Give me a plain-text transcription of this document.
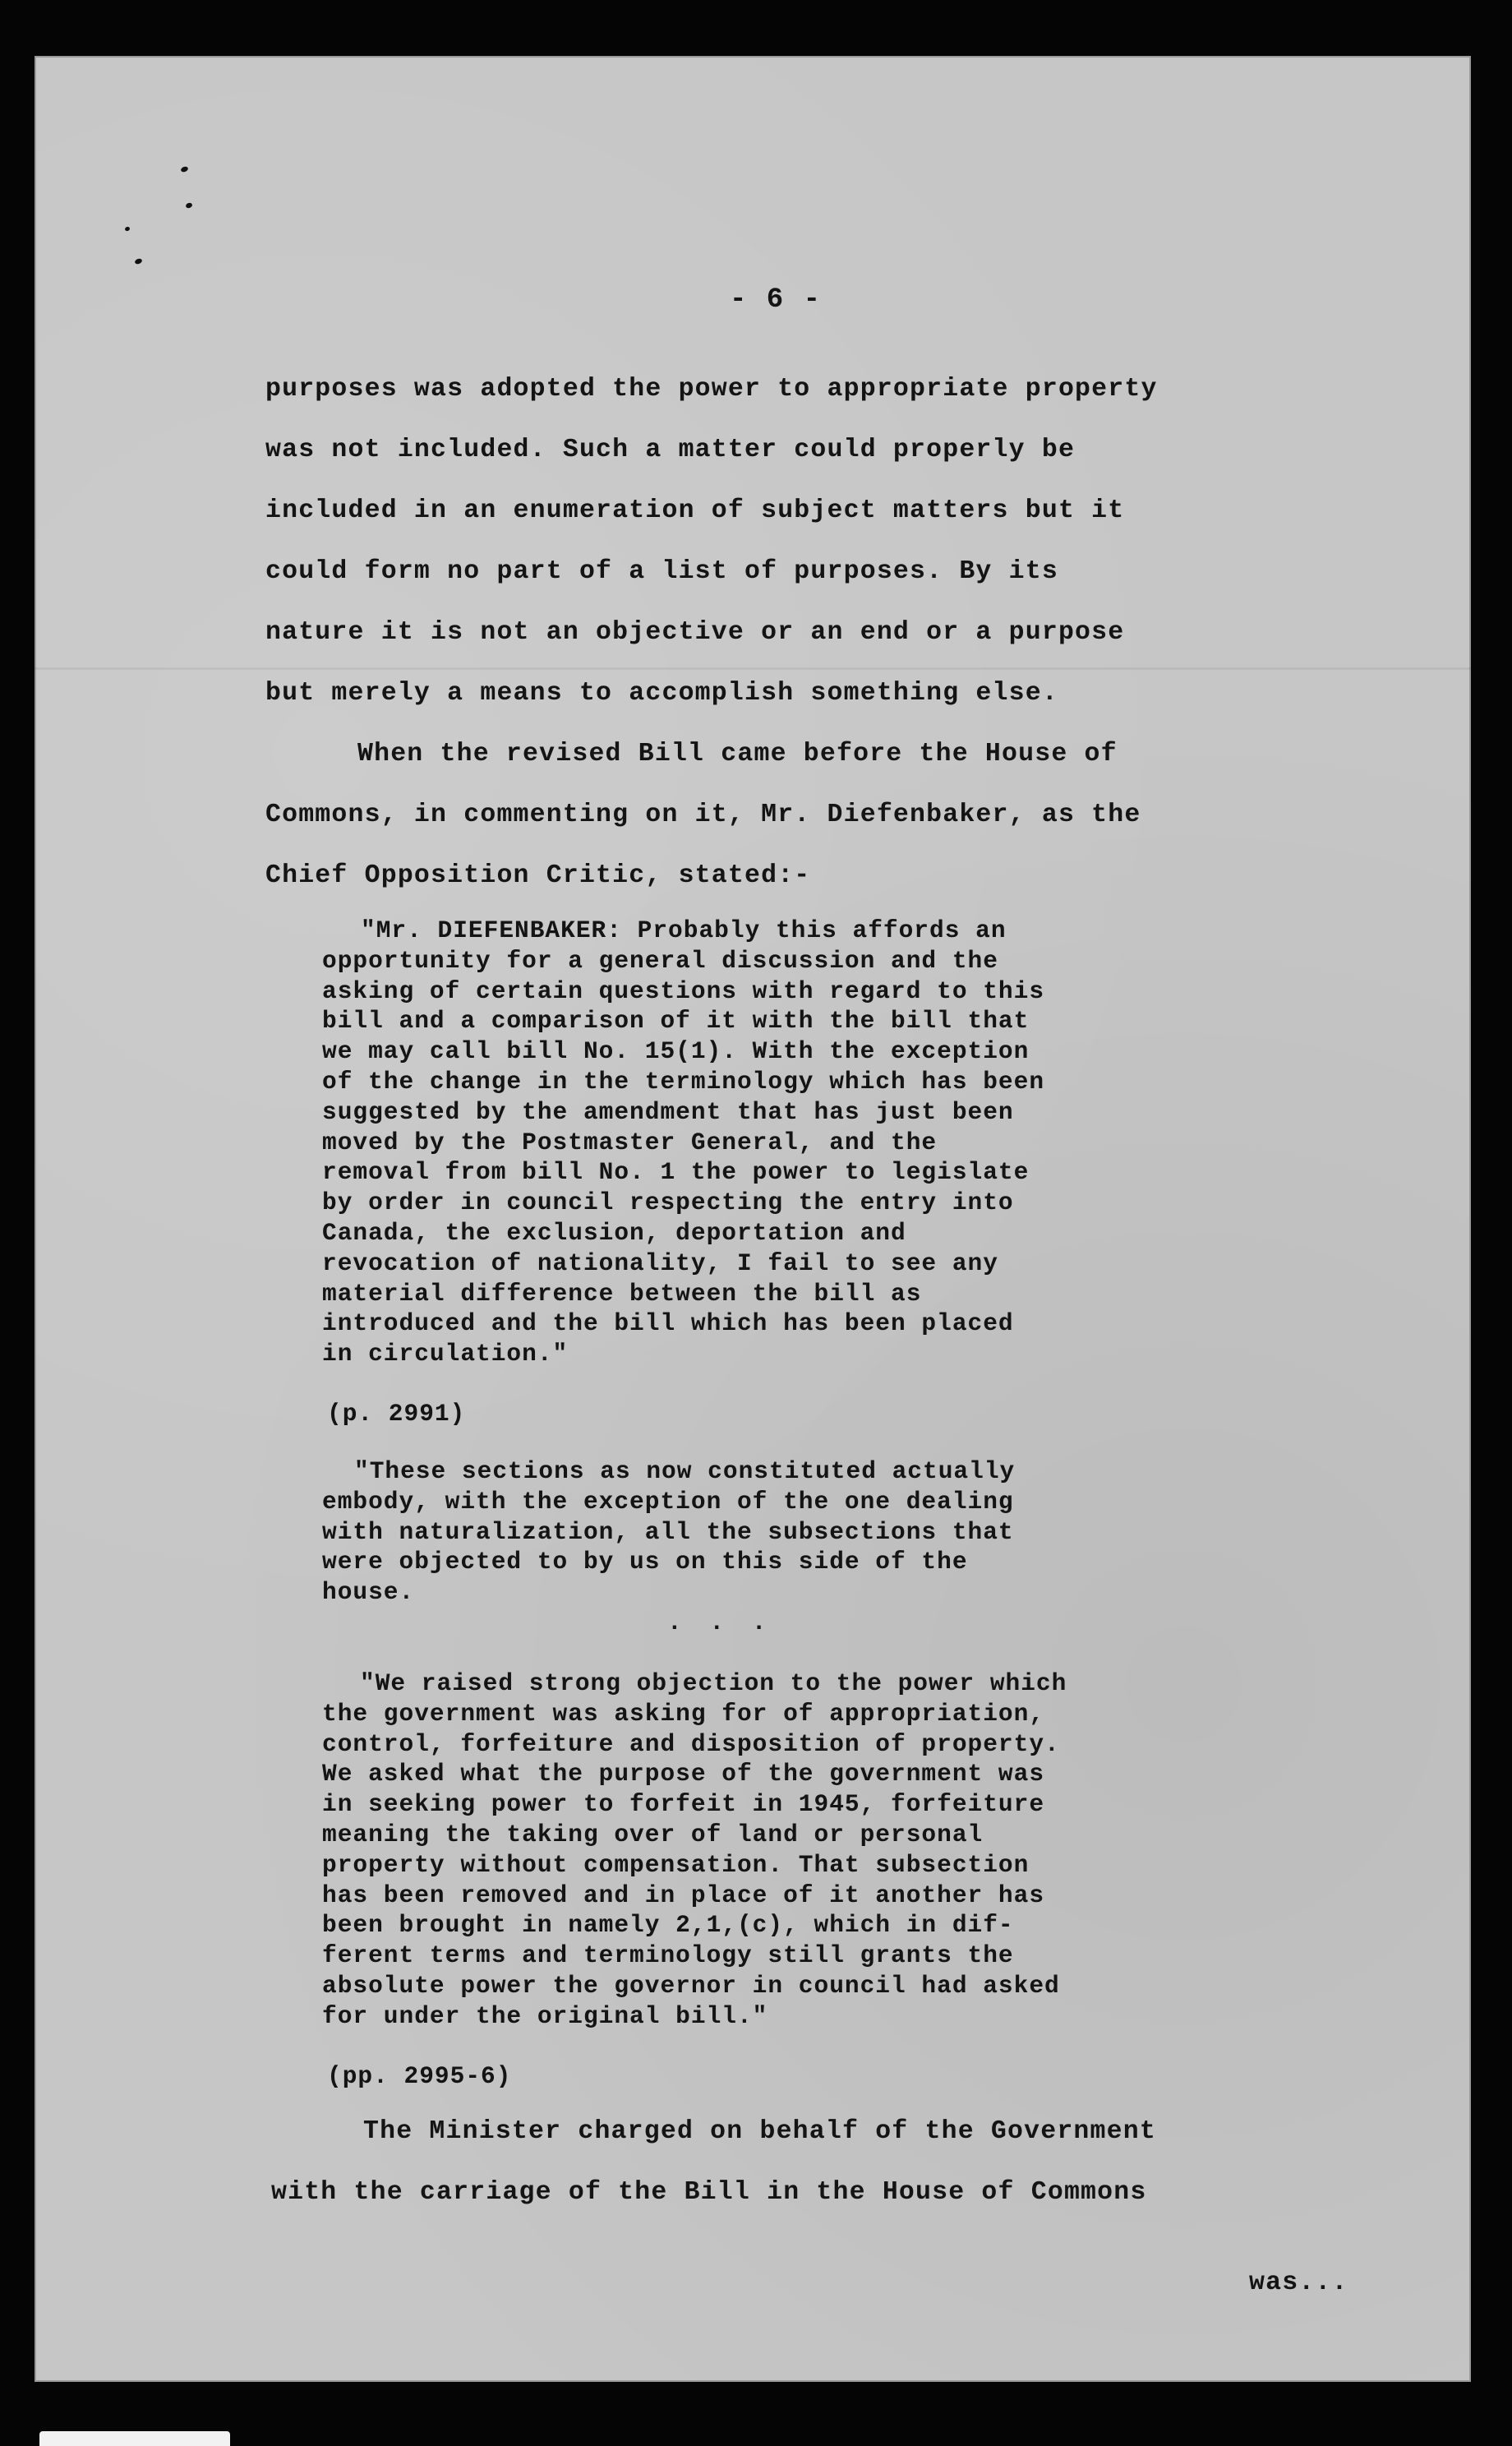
- 6 -

purposes was adopted the power to appropriate property

was not included. Such a matter could properly be

included in an enumeration of subject matters but it

could form no part of a list of purposes. By its

nature it is not an objective or an end or a purpose

but merely a means to accomplish something else.

When the revised Bill came before the House of

Commons, in commenting on it, Mr. Diefenbaker, as the

Chief Opposition Critic, stated:-

"Mr. DIEFENBAKER: Probably this affords an

opportunity for a general discussion and the

asking of certain questions with regard to this

bill and a comparison of it with the bill that

we may call bill No. 15(1). With the exception

of the change in the terminology which has been

suggested by the amendment that has just been

moved by the Postmaster General, and the

removal from bill No. 1 the power to legislate

by order in council respecting the entry into

Canada, the exclusion, deportation and

revocation of nationality, I fail to see any

material difference between the bill as

introduced and the bill which has been placed

in circulation."

(p. 2991)

"These sections as now constituted actually

embody, with the exception of the one dealing

with naturalization, all the subsections that

were objected to by us on this side of the

house.

. . .

"We raised strong objection to the power which

the government was asking for of appropriation,

control, forfeiture and disposition of property.

We asked what the purpose of the government was

in seeking power to forfeit in 1945, forfeiture

meaning the taking over of land or personal

property without compensation. That subsection

has been removed and in place of it another has

been brought in namely 2,1,(c), which in dif-

ferent terms and terminology still grants the

absolute power the governor in council had asked

for under the original bill."

(pp. 2995-6)

The Minister charged on behalf of the Government

with the carriage of the Bill in the House of Commons

was...
